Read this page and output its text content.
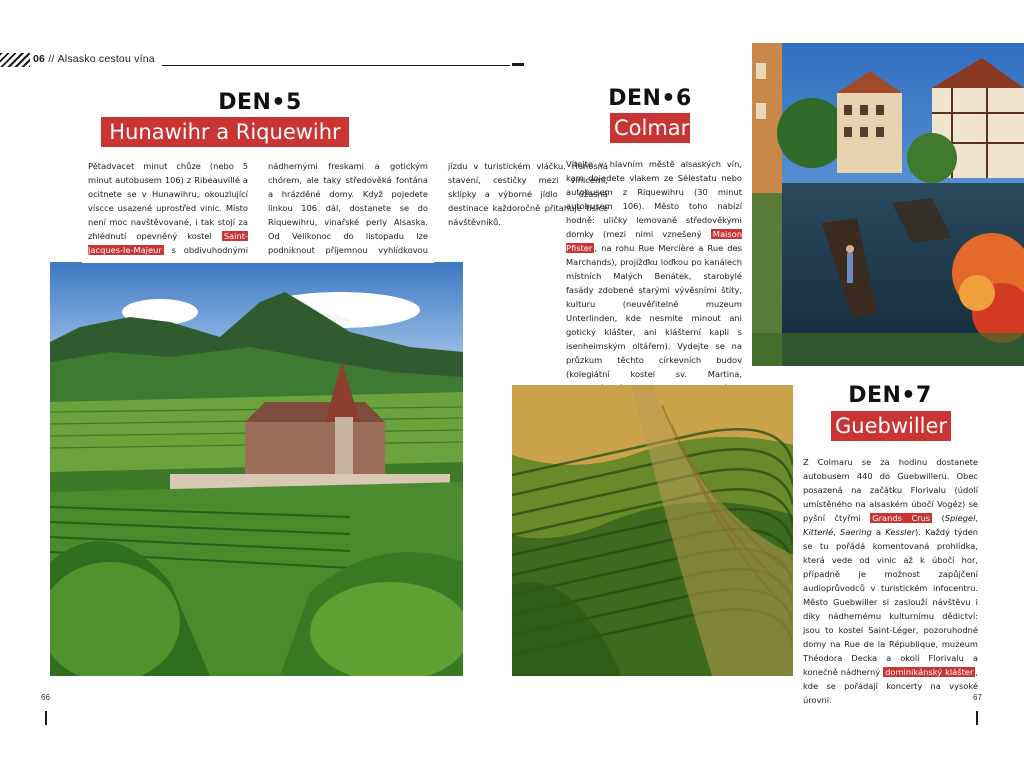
06 // Alsasko cestou vína
DEN•5
Hunawihr a Riquewihr
Pětadvacet minut chůze (nebo 5 minut autobusem 106) z Ribeauvillé a ocitnete se v Hunawihru, okouzlující víscce usazené uprostřed vinic. Místo není moc navštěvované, i tak stojí za zhlédnutí opevněný kostel Saint-Jacques-le-Majeur s obdivuhodnými nádhernými freskami a gotickým chórem, ale taky středověká fontána a hrázděné domy. Když pojedete linkou 106 dál, dostanete se do Riquewihru, vinařské perly Alsaska. Od Velikonoc do listopadu lze podniknout příjemnou vyhlídkovou jízdu v turistickém vláčku. Honosná stavení, cestičky mezi vinicemi, sklípky a výborné jídlo – úžasná destinace každoročně přitahuje tisíce návštěvníků.
DEN•6
Colmar
Vítejte v hlavním městě alsaských vín, kam dojedete vlakem ze Sélestatu nebo autobusem z Riquewihru (30 minut autobusem 106). Město toho nabízí hodně: uličky lemované středověkými domky (mezi nimi vznešený Maison Pfister , na rohu Rue Mercière a Rue des Marchands), projížďku loďkou po kanálech místních Malých Benátek, starobylé fasády zdobené starými vývěsními štíty, kulturu (neuvěřitelné muzeum Unterlinden, kde nesmíte minout ani gotický klášter, ani klášterní kapli s isenheimským oltářem). Vydejte se na průzkum těchto církevních budov (kolegiátní kostel sv. Martina,
DEN•7
Guebwiller
Z Colmaru se za hodinu dostanete autobusem 440 do Guebwilleru. Obec posazená na začátku Florivalu (údolí umístěného na alsaském úbočí Vogéz) se pyšní čtyřmi Grands Crus (Spiegel, Kitterlé, Saering a Kessler). Každý týden se tu pořádá komentovaná prohlídka, která vede od vinic až k úbočí hor, případně je možnost zapůjčení audioprůvodců v turistickém infocentru. Město Guebwiller si zaslouží návštěvu i díky nádhernému kulturnímu dědictví: jsou to kostel Saint-Léger, pozoruhodné domy na Rue de la République, muzeum Théodora Decka a okolí Florivalu a konečně nádherný dominikánský klášter , kde se pořádají koncerty na vysoké úrovni.
66	67
